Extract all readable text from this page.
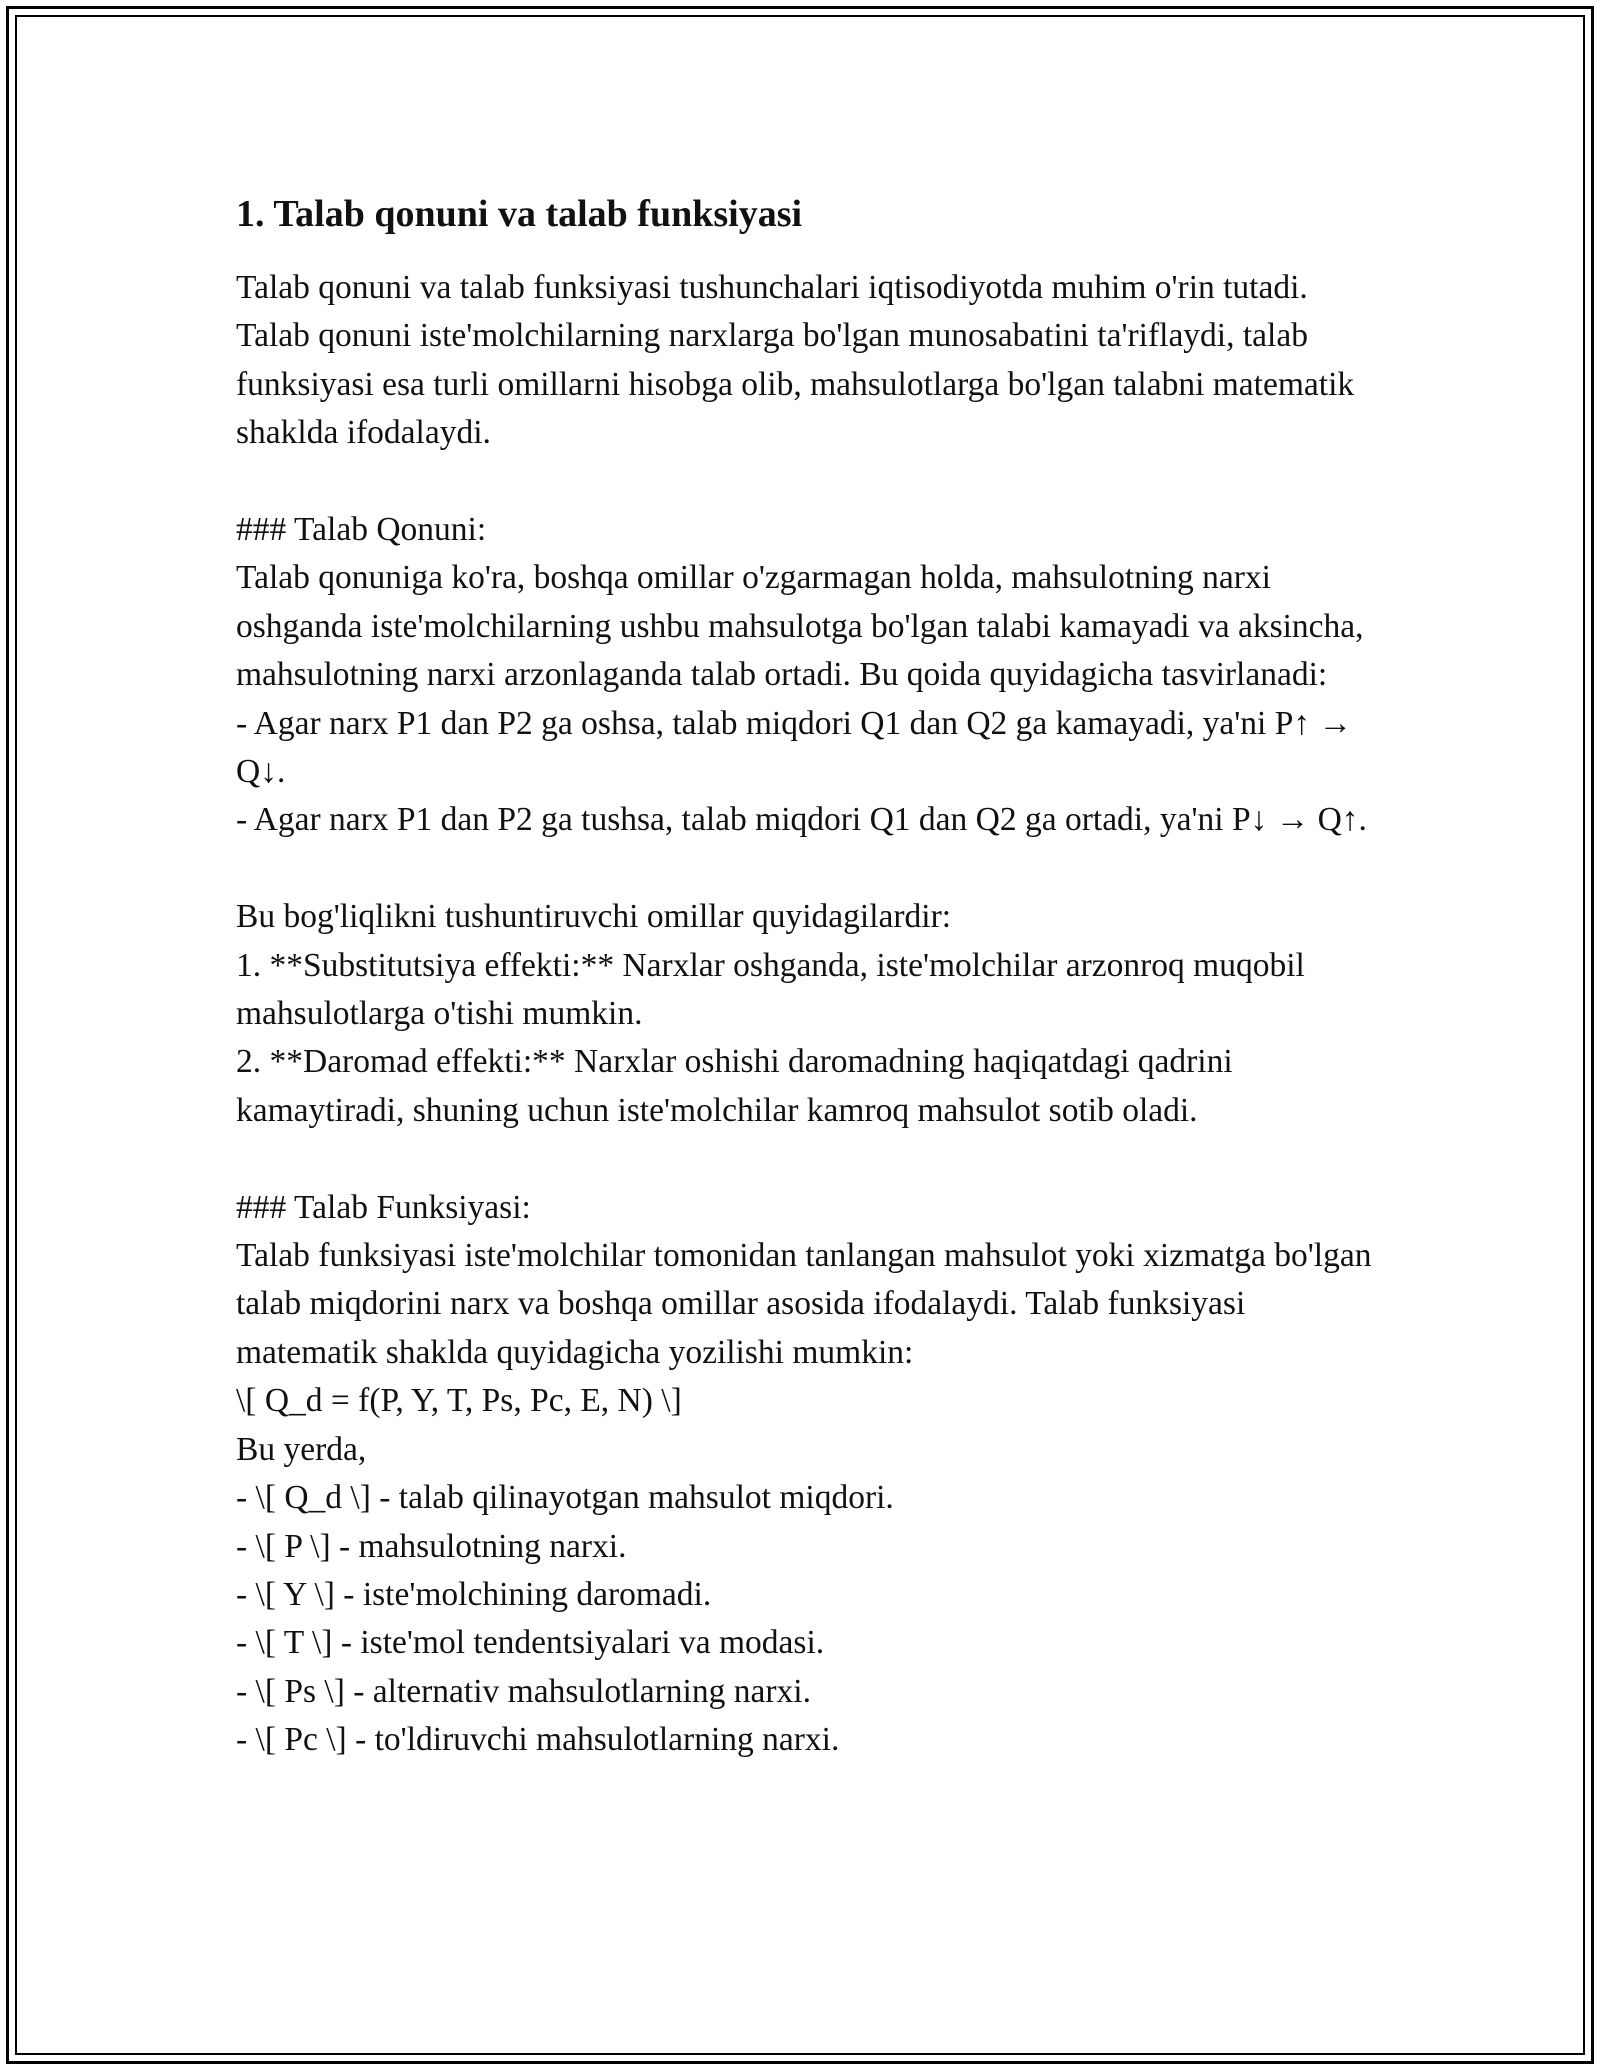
1. Talab qonuni va talab funksiyasi

Talab qonuni va talab funksiyasi tushunchalari iqtisodiyotda muhim o'rin tutadi. Talab qonuni iste'molchilarning narxlarga bo'lgan munosabatini ta'riflaydi, talab funksiyasi esa turli omillarni hisobga olib, mahsulotlarga bo'lgan talabni matematik shaklda ifodalaydi.

### Talab Qonuni:

Talab qonuniga ko'ra, boshqa omillar o'zgarmagan holda, mahsulotning narxi oshganda iste'molchilarning ushbu mahsulotga bo'lgan talabi kamayadi va aksincha, mahsulotning narxi arzonlaganda talab ortadi. Bu qoida quyidagicha tasvirlanadi:

- Agar narx P1 dan P2 ga oshsa, talab miqdori Q1 dan Q2 ga kamayadi, ya'ni P↑ → Q↓.

- Agar narx P1 dan P2 ga tushsa, talab miqdori Q1 dan Q2 ga ortadi, ya'ni P↓ → Q↑.

Bu bog'liqlikni tushuntiruvchi omillar quyidagilardir:

1. **Substitutsiya effekti:** Narxlar oshganda, iste'molchilar arzonroq muqobil mahsulotlarga o'tishi mumkin.

2. **Daromad effekti:** Narxlar oshishi daromadning haqiqatdagi qadrini kamaytiradi, shuning uchun iste'molchilar kamroq mahsulot sotib oladi.

### Talab Funksiyasi:

Talab funksiyasi iste'molchilar tomonidan tanlangan mahsulot yoki xizmatga bo'lgan talab miqdorini narx va boshqa omillar asosida ifodalaydi. Talab funksiyasi matematik shaklda quyidagicha yozilishi mumkin:

\[ Q_d = f(P, Y, T, Ps, Pc, E, N) \]

Bu yerda,

- \[ Q_d \] - talab qilinayotgan mahsulot miqdori.

- \[ P \] - mahsulotning narxi.

- \[ Y \] - iste'molchining daromadi.

- \[ T \] - iste'mol tendentsiyalari va modasi.

- \[ Ps \] - alternativ mahsulotlarning narxi.

- \[ Pc \] - to'ldiruvchi mahsulotlarning narxi.
